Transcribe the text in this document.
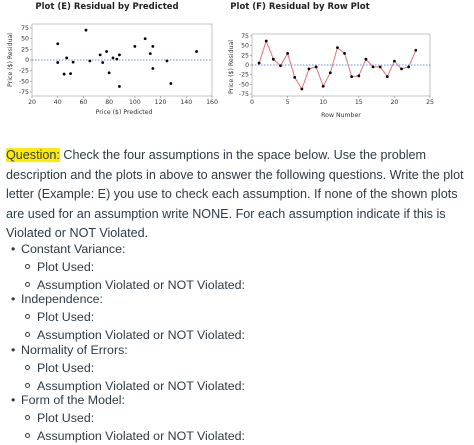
Plot (E) Residual by Predicted
Price ($) Residual
Price ($) Predicted
20	40	60	80	100 120 140 160
75
50
25
0
-25
-50
-75
Plot (F) Residual by Row Plot
Price ($) Residual
Row Number
0	5	10	15	20	25
75
50
25
0
-25
-50
-75
Question: Check the four assumptions in the space below. Use the problem description and the plots in above to answer the following questions. Write the plot letter (Example: E) you use to check each assumption. If none of the shown plots are used for an assumption write NONE. For each assumption indicate if this is Violated or NOT Violated.
• Constant Variance:
Plot Used:
Assumption Violated or NOT Violated:
• Independence:
Plot Used:
Assumption Violated or NOT Violated:
• Normality of Errors:
Plot Used:
Assumption Violated or NOT Violated:
• Form of the Model:
Plot Used:
Assumption Violated or NOT Violated:
